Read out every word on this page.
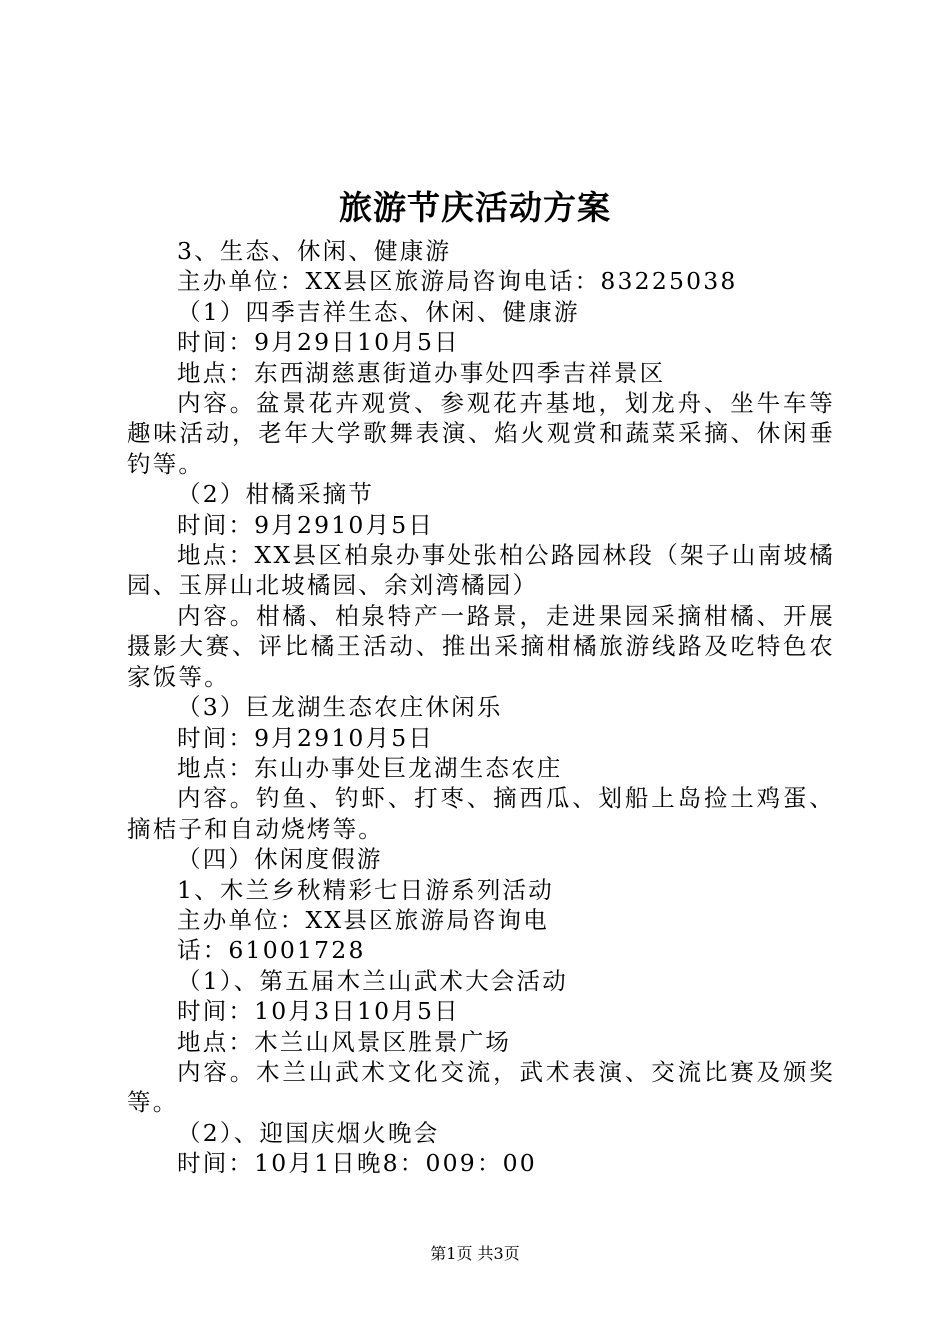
旅游节庆活动方案

3、生态、休闲、健康游

主办单位：XX县区旅游局咨询电话：83225038

（1）四季吉祥生态、休闲、健康游

时间：9月29日10月5日

地点：东西湖慈惠街道办事处四季吉祥景区

内容。盆景花卉观赏、参观花卉基地，划龙舟、坐牛车等趣味活动，老年大学歌舞表演、焰火观赏和蔬菜采摘、休闲垂钓等。

（2）柑橘采摘节

时间：9月2910月5日

地点：XX县区柏泉办事处张柏公路园林段（架子山南坡橘园、玉屏山北坡橘园、余刘湾橘园）

内容。柑橘、柏泉特产一路景，走进果园采摘柑橘、开展摄影大赛、评比橘王活动、推出采摘柑橘旅游线路及吃特色农家饭等。

（3）巨龙湖生态农庄休闲乐

时间：9月2910月5日

地点：东山办事处巨龙湖生态农庄

内容。钓鱼、钓虾、打枣、摘西瓜、划船上岛捡土鸡蛋、摘桔子和自动烧烤等。

（四）休闲度假游

1、木兰乡秋精彩七日游系列活动

主办单位：XX县区旅游局咨询电

话：61001728

（1）、第五届木兰山武术大会活动

时间：10月3日10月5日

地点：木兰山风景区胜景广场

内容。木兰山武术文化交流，武术表演、交流比赛及颁奖等。

（2）、迎国庆烟火晚会

时间：10月1日晚8：009：00

第1页 共3页
